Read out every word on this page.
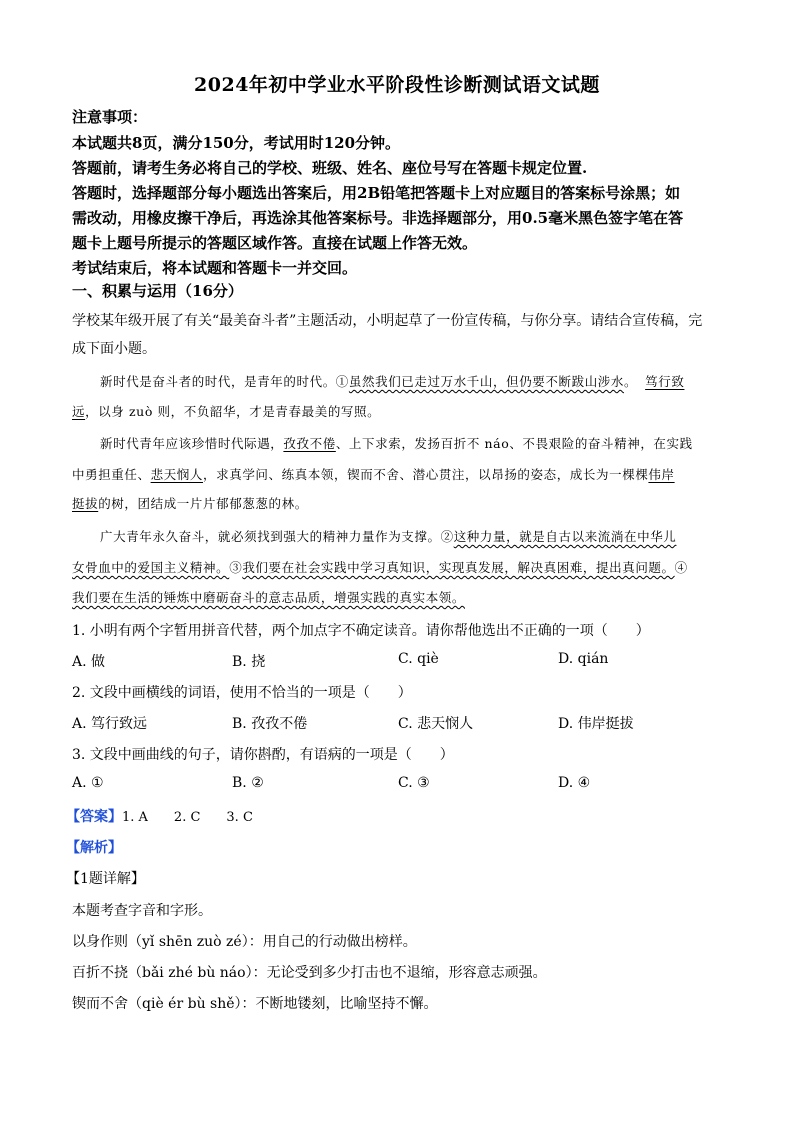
2024年初中学业水平阶段性诊断测试语文试题
注意事项：
本试题共8页，满分150分，考试用时120分钟。
答题前，请考生务必将自己的学校、班级、姓名、座位号写在答题卡规定位置.
答题时，选择题部分每小题选出答案后，用2B铅笔把答题卡上对应题目的答案标号涂黑；如
需改动，用橡皮擦干净后，再选涂其他答案标号。非选择题部分，用0.5毫米黑色签字笔在答
题卡上题号所提示的答题区域作答。直接在试题上作答无效。
考试结束后，将本试题和答题卡一并交回。
一、积累与运用（16分）
学校某年级开展了有关“最美奋斗者”主题活动，小明起草了一份宣传稿，与你分享。请结合宣传稿，完
成下面小题。
新时代是奋斗者的时代，是青年的时代。①虽然我们已走过万水千山，但仍要不断跋山涉水。 笃行致
远，以身 zuò 则，不负韶华，才是青春最美的写照。
新时代青年应该珍惜时代际遇，孜孜不倦、上下求索，发扬百折不 náo、不畏艰险的奋斗精神，在实践
中勇担重任、悲天悯人，求真学问、练真本领，锲而不舍、潜心贯注，以昂扬的姿态，成长为一棵棵伟岸
挺拔的树，团结成一片片郁郁葱葱的林。
广大青年永久奋斗，就必须找到强大的精神力量作为支撑。②这种力量，就是自古以来流淌在中华儿
女骨血中的爱国主义精神。③我们要在社会实践中学习真知识，实现真发展，解决真困难，提出真问题。④
我们要在生活的锤炼中磨砺奋斗的意志品质，增强实践的真实本领。
1. 小明有两个字暂用拼音代替，两个加点字不确定读音。请你帮他选出不正确的一项（　　）
A. 做	B. 挠	C. qiè	D. qián
2. 文段中画横线的词语，使用不恰当的一项是（　　）
A. 笃行致远	B. 孜孜不倦	C. 悲天悯人	D. 伟岸挺拔
3. 文段中画曲线的句子，请你斟酌，有语病的一项是（　　）
A. ①	B. ②	C. ③	D. ④
【答案】1. A　　2. C　　3. C
【解析】
【1题详解】
本题考查字音和字形。
以身作则（yǐ shēn zuò zé）：用自己的行动做出榜样。
百折不挠（bǎi zhé bù náo）：无论受到多少打击也不退缩，形容意志顽强。
锲而不舍（qiè ér bù shě）：不断地镂刻，比喻坚持不懈。
